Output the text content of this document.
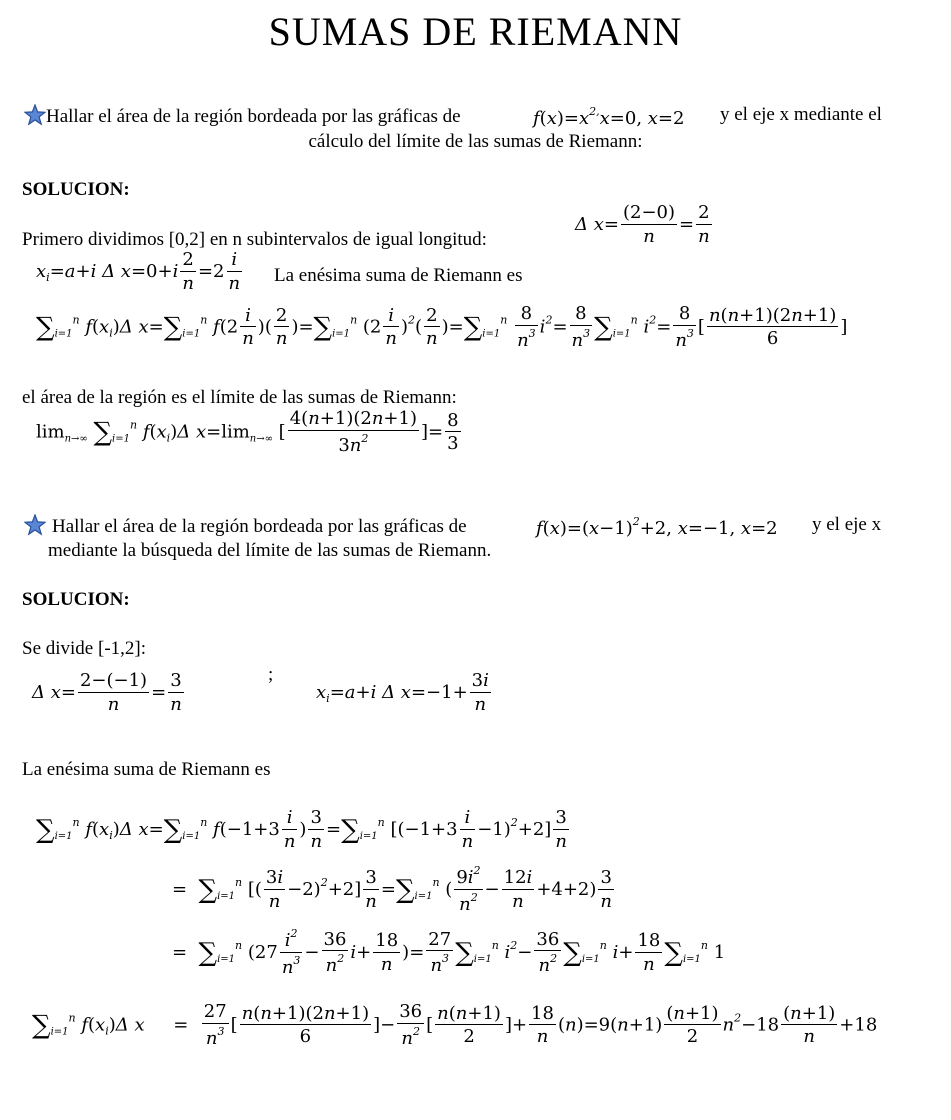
SUMAS DE RIEMANN
Hallar el área de la región bordeada por las gráficas de	$f(x)=x^{2,}x=0$, x=2 y el eje x mediante el
cálculo del límite de las sumas de Riemann:
SOLUCION:
Primero dividimos [0,2] en n subintervalos de igual longitud:
Δ $x= \frac{(2-0)}{n} = \frac{2}{n}$
$x_i=a+i$ Δ $x=0+i \frac{2}{n} =2 \frac{i}{n}$ La enésima suma de Riemann es
$\sum_{i=1}^n$ $f(x_i)\Delta$ $x=\sum_{i=1}^n$ $f(2 \frac{i}{n}$ )( $\frac{2}{n} )=\sum_{i=1}^n$ $(2 \frac{i}{n} )^2( \frac{2}{n} )=\sum_{i=1}^n \frac{8}{n^3} i^2= \frac{8}{n^3} \sum_{i=1}^n$ $i^2= \frac{8}{n^3}$ [ $\frac{n(n+1)(2n+1)}{6}$ ]
el área de la región es el límite de las sumas de Riemann:
$\lim_{n\to\infty} \sum_{i=1}^n$ $f(x_i)\Delta$ $x=\lim_{n\to\infty}$ [ $\frac{4(n+1)(2n+1)}{3n^2}$ ]= $\frac{8}{3}$
Hallar el área de la región bordeada por las gráficas de	$f(x)=(x-1)^2+2$, x=−1, x=2 y el eje x
mediante la búsqueda del límite de las sumas de Riemann.
SOLUCION:
Se divide [-1,2]:
Δ $x= \frac{2-(-1)}{n} = \frac{3}{n}$	;
$x_i=a+i$ Δ $x=-1+ \frac{3i}{n}$
La enésima suma de Riemann es
$\sum_{i=1}^n$ $f(x_i)\Delta$ $x=\sum_{i=1}^n$ $f(-1+3 \frac{i}{n}$ ) $\frac{3}{n} =\sum_{i=1}^n$ $[(-1+3 \frac{i}{n} -1)^2+2] \frac{3}{n}$
=  $\sum_{i=1}^n$ [( $\frac{3i}{n} -2)^2+2] \frac{3}{n} =\sum_{i=1}^n$ ( $\frac{9i^2}{n^2} - \frac{12i}{n} +4+2) \frac{3}{n}$
=  $\sum_{i=1}^n$ ($27 \frac{i^2}{n^3} - \frac{36}{n^2} i+ \frac{18}{n}$ )= $\frac{27}{n^3} \sum_{i=1}^n$ $i^2- \frac{36}{n^2} \sum_{i=1}^n$ $i+ \frac{18}{n} \sum_{i=1}^n$ 1
$\sum_{i=1}^n$ $f(x_i)\Delta$ x     = $\frac{27}{n^3}$ [ $\frac{n(n+1)(2n+1)}{6}$ ]− $\frac{36}{n^2}$ [ $\frac{n(n+1)}{2}$ ]+ $\frac{18}{n} (n)=9(n+1) \frac{(n+1)}{2} n^2-18 \frac{(n+1)}{n} +18$
